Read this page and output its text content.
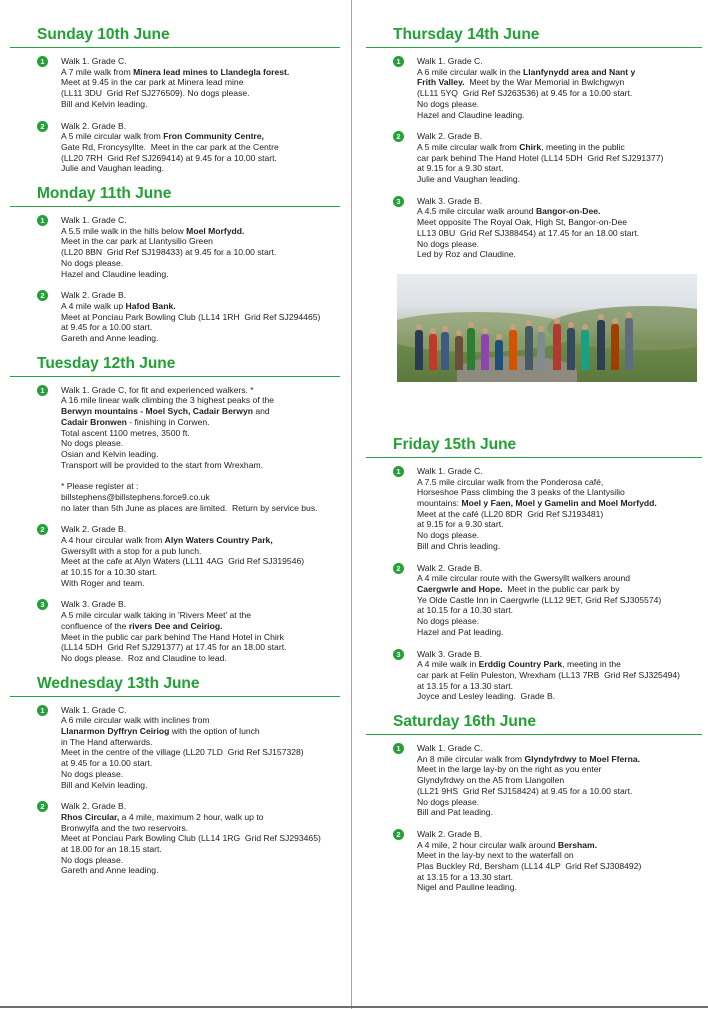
Sunday 10th June
1	Walk 1. Grade C.
A 7 mile walk from Minera lead mines to Llandegla forest.
Meet at 9.45 in the car park at Minera lead mine
(LL11 3DU  Grid Ref SJ276509). No dogs please.
Bill and Kelvin leading.
2	Walk 2. Grade B.
A 5 mile circular walk from Fron Community Centre,
Gate Rd, Froncysyllte.  Meet in the car park at the Centre
(LL20 7RH  Grid Ref SJ269414) at 9.45 for a 10.00 start.
Julie and Vaughan leading.
Monday 11th June
1	Walk 1. Grade C.
A 5.5 mile walk in the hills below Moel Morfydd.
Meet in the car park at Llantysilio Green
(LL20 8BN  Grid Ref SJ198433) at 9.45 for a 10.00 start.
No dogs please.
Hazel and Claudine leading.
2	Walk 2. Grade B.
A 4 mile walk up Hafod Bank.
Meet at Ponciau Park Bowling Club (LL14 1RH  Grid Ref SJ294465)
at 9.45 for a 10.00 start.
Gareth and Anne leading.
Tuesday 12th June
1	Walk 1. Grade C, for fit and experienced walkers. *
A 16 mile linear walk climbing the 3 highest peaks of the
Berwyn mountains - Moel Sych, Cadair Berwyn and
Cadair Bronwen - finishing in Corwen.
Total ascent 1100 metres, 3500 ft.
No dogs please.
Osian and Kelvin leading.
Transport will be provided to the start from Wrexham.

* Please register at :
billstephens@billstephens.force9.co.uk
no later than 5th June as places are limited.  Return by service bus.
2	Walk 2. Grade B.
A 4 hour circular walk from Alyn Waters Country Park,
Gwersyllt with a stop for a pub lunch.
Meet at the cafe at Alyn Waters (LL11 4AG  Grid Ref SJ319546)
at 10.15 for a 10.30 start.
With Roger and team.
3	Walk 3. Grade B.
A 5 mile circular walk taking in 'Rivers Meet' at the
confluence of the rivers Dee and Ceiriog.
Meet in the public car park behind The Hand Hotel in Chirk
(LL14 5DH  Grid Ref SJ291377) at 17.45 for an 18.00 start.
No dogs please.  Roz and Claudine to lead.
Wednesday 13th June
1	Walk 1. Grade C.
A 6 mile circular walk with inclines from
Llanarmon Dyffryn Ceiriog with the option of lunch
in The Hand afterwards.
Meet in the centre of the village (LL20 7LD  Grid Ref SJ157328)
at 9.45 for a 10.00 start.
No dogs please.
Bill and Kelvin leading.
2	Walk 2. Grade B.
Rhos Circular, a 4 mile, maximum 2 hour, walk up to
Bronwylfa and the two reservoirs.
Meet at Ponciau Park Bowling Club (LL14 1RG  Grid Ref SJ293465)
at 18.00 for an 18.15 start.
No dogs please.
Gareth and Anne leading.
Thursday 14th June
1	Walk 1. Grade C.
A 6 mile circular walk in the Llanfynydd area and Nant y
Frith Valley.  Meet by the War Memorial in Bwlchgwyn
(LL11 5YQ  Grid Ref SJ263536) at 9.45 for a 10.00 start.
No dogs please.
Hazel and Claudine leading.
2	Walk 2. Grade B.
A 5 mile circular walk from Chirk, meeting in the public
car park behind The Hand Hotel (LL14 5DH  Grid Ref SJ291377)
at 9.15 for a 9.30 start.
Julie and Vaughan leading.
3	Walk 3. Grade B.
A 4.5 mile circular walk around Bangor-on-Dee.
Meet opposite The Royal Oak, High St, Bangor-on-Dee
LL13 0BU  Grid Ref SJ388454) at 17.45 for an 18.00 start.
No dogs please.
Led by Roz and Claudine.
Friday 15th June
1	Walk 1. Grade C.
A 7.5 mile circular walk from the Ponderosa café,
Horseshoe Pass climbing the 3 peaks of the Llantysilio
mountains: Moel y Faen, Moel y Gamelin and Moel Morfydd.
Meet at the café (LL20 8DR  Grid Ref SJ193481)
at 9.15 for a 9.30 start.
No dogs please.
Bill and Chris leading.
2	Walk 2. Grade B.
A 4 mile circular route with the Gwersyllt walkers around
Caergwrle and Hope.  Meet in the public car park by
Ye Olde Castle Inn in Caergwrle (LL12 9ET, Grid Ref SJ305574)
at 10.15 for a 10.30 start.
No dogs please.
Hazel and Pat leading.
3	Walk 3. Grade B.
A 4 mile walk in Erddig Country Park, meeting in the
car park at Felin Puleston, Wrexham (LL13 7RB  Grid Ref SJ325494)
at 13.15 for a 13.30 start.
Joyce and Lesley leading.  Grade B.
Saturday 16th June
1	Walk 1. Grade C.
An 8 mile circular walk from Glyndyfrdwy to Moel Fferna.
Meet in the large lay-by on the right as you enter
Glyndyfrdwy on the A5 from Llangollen
(LL21 9HS  Grid Ref SJ158424) at 9.45 for a 10.00 start.
No dogs please.
Bill and Pat leading.
2	Walk 2. Grade B.
A 4 mile, 2 hour circular walk around Bersham.
Meet in the lay-by next to the waterfall on
Plas Buckley Rd, Bersham (LL14 4LP  Grid Ref SJ308492)
at 13.15 for a 13.30 start.
Nigel and Pauline leading.
